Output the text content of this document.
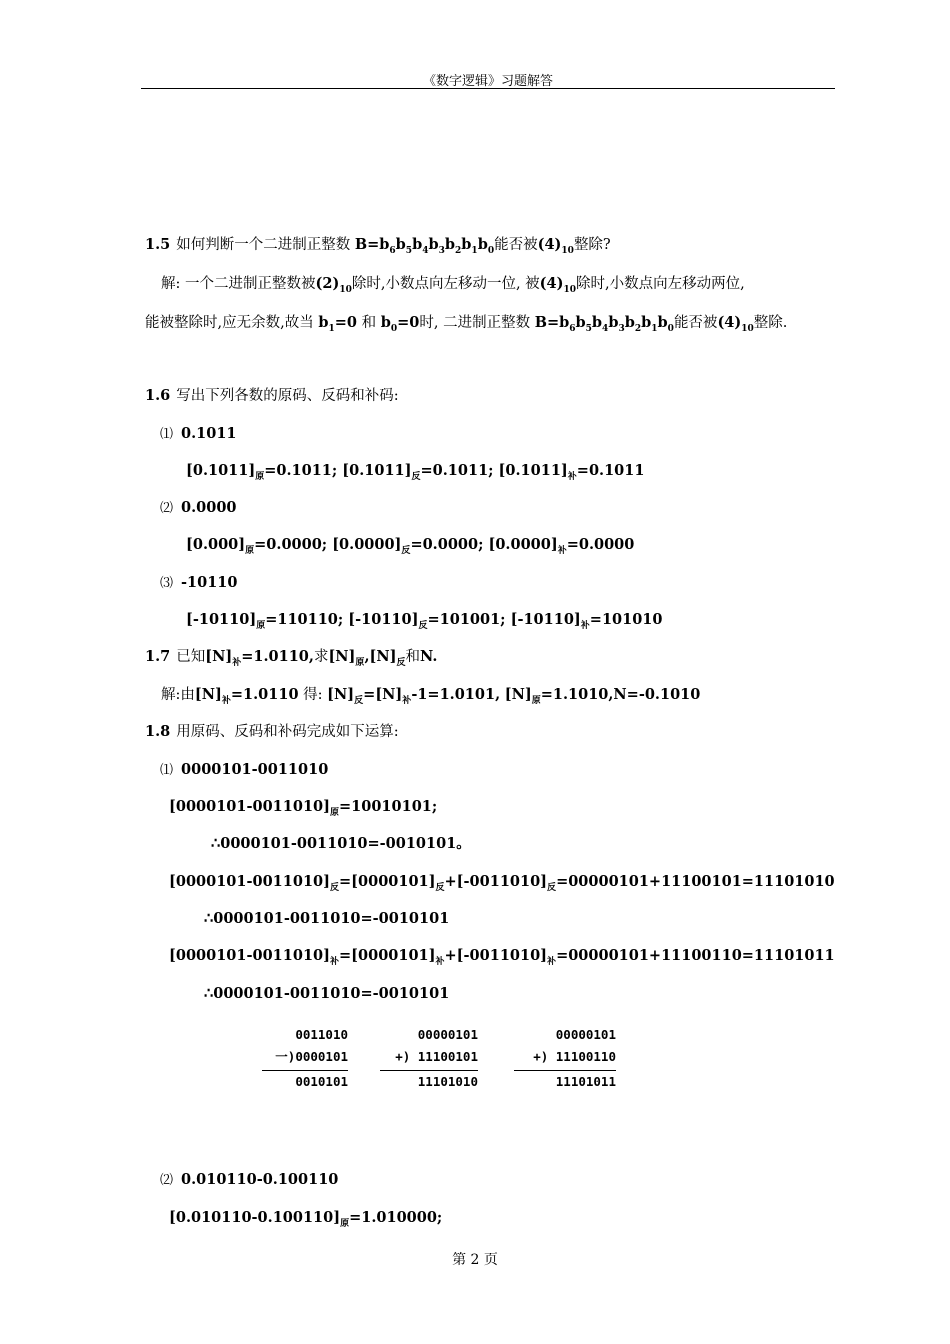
《数字逻辑》习题解答
1.5 如何判断一个二进制正整数 $B=b_6b_5b_4b_3b_2b_1b_0$能否被$(4)_{10}$整除?
解: 一个二进制正整数被$(2)_{10}$除时,小数点向左移动一位, 被$(4)_{10}$除时,小数点向左移动两位,
能被整除时,应无余数,故当 $b_1=0$ 和 $b_0=0$时, 二进制正整数 $B=b_6b_5b_4b_3b_2b_1b_0$能否被$(4)_{10}$整除.
1.6 写出下列各数的原码、反码和补码:
⑴ 0.1011
$[0.1011]_原=0.1011$; $[0.1011]_反=0.1011$; $[0.1011]_补=0.1011$
⑵ 0.0000
$[0.000]_原=0.0000$; $[0.0000]_反=0.0000$; $[0.0000]_补=0.0000$
⑶ -10110
$[-10110]_原=110110$; $[-10110]_反=101001$; $[-10110]_补=101010$
1.7 已知$[N]_补=1.0110$,求$[N]_原,[N]_反$和N.
解:由$[N]_补=1.0110$ 得: $[N]_反=[N]_补-1=1.0101$, $[N]_原=1.1010,N=-0.1010$
1.8 用原码、反码和补码完成如下运算:
⑴ 0000101-0011010
$[0000101-0011010]_原=10010101$;
∴0000101-0011010=-0010101。
$[0000101-0011010]_反=[0000101]_反+[-0011010]_反=00000101+11100101=11101010$
∴0000101-0011010=-0010101
$[0000101-0011010]_补=[0000101]_补+[-0011010]_补=00000101+11100110=11101011$
∴0000101-0011010=-0010101
0011010
一)0000101
0010101
00000101
+) 11100101
11101010
00000101
+) 11100110
11101011
⑵ 0.010110-0.100110
$[0.010110-0.100110]_原=1.010000$;
第 2 页
